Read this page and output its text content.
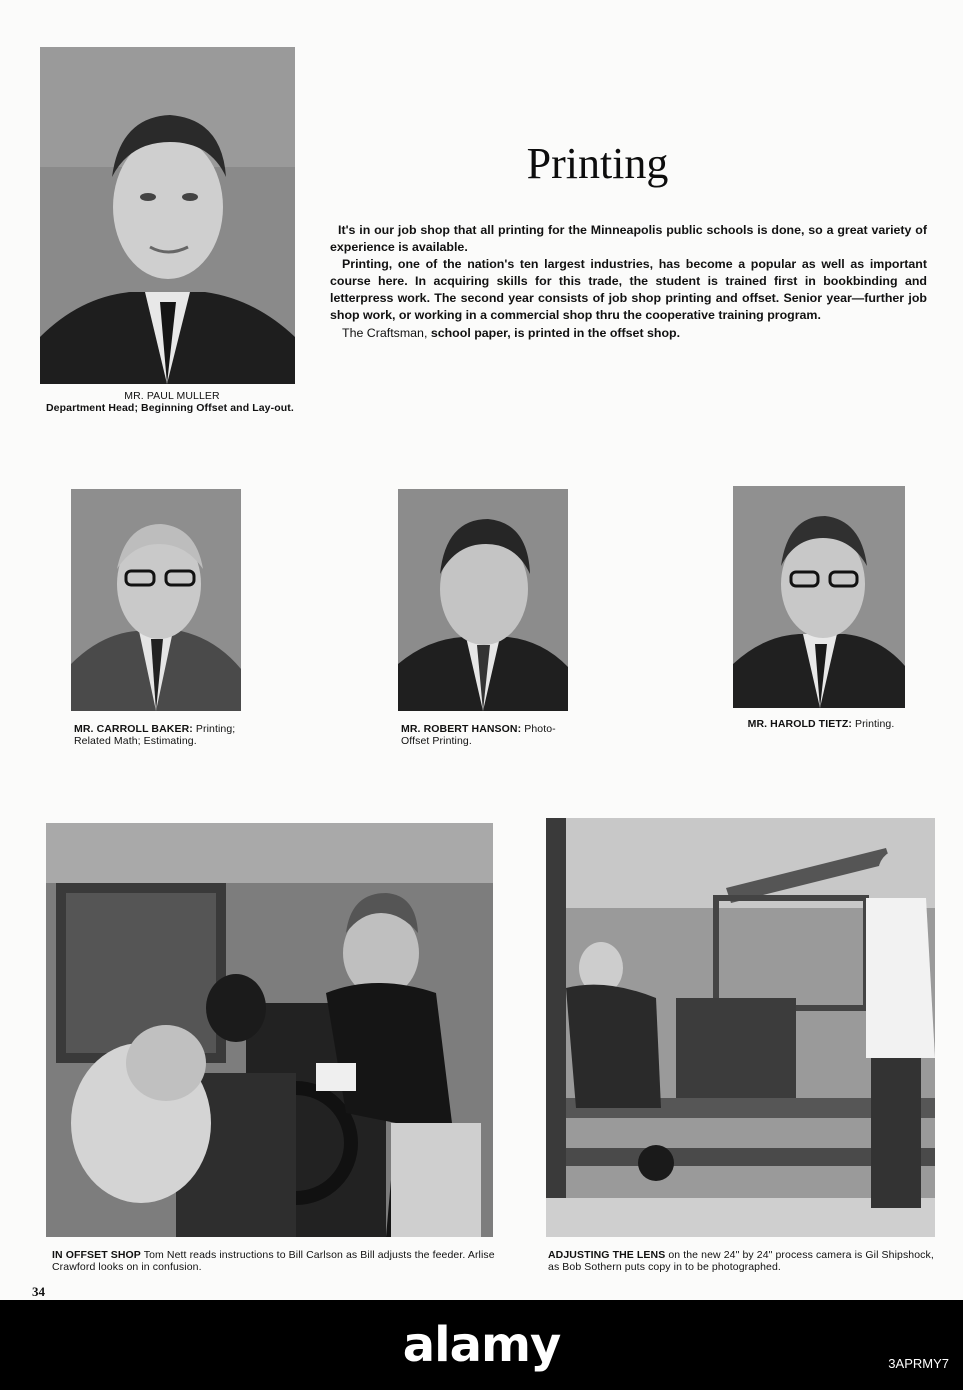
MR. PAUL MULLER
Department Head; Beginning Offset and Lay-out.
Printing

It's in our job shop that all printing for the Minneapolis public schools is done, so a great variety of experience is available.

Printing, one of the nation's ten largest industries, has become a popular as well as important course here. In acquiring skills for this trade, the student is trained first in bookbinding and letterpress work. The second year consists of job shop printing and offset. Senior year—further job shop work, or working in a commercial shop thru the cooperative training program.

The Craftsman, school paper, is printed in the offset shop.

MR. CARROLL BAKER: Printing; Related Math; Estimating.
MR. ROBERT HANSON: Photo-Offset Printing.
MR. HAROLD TIETZ: Printing.
IN OFFSET SHOP Tom Nett reads instructions to Bill Carlson as Bill adjusts the feeder. Arlise Crawford looks on in confusion.
ADJUSTING THE LENS on the new 24" by 24" process camera is Gil Shipshock, as Bob Sothern puts copy in to be photographed.
34
alamy	3APRMY7
